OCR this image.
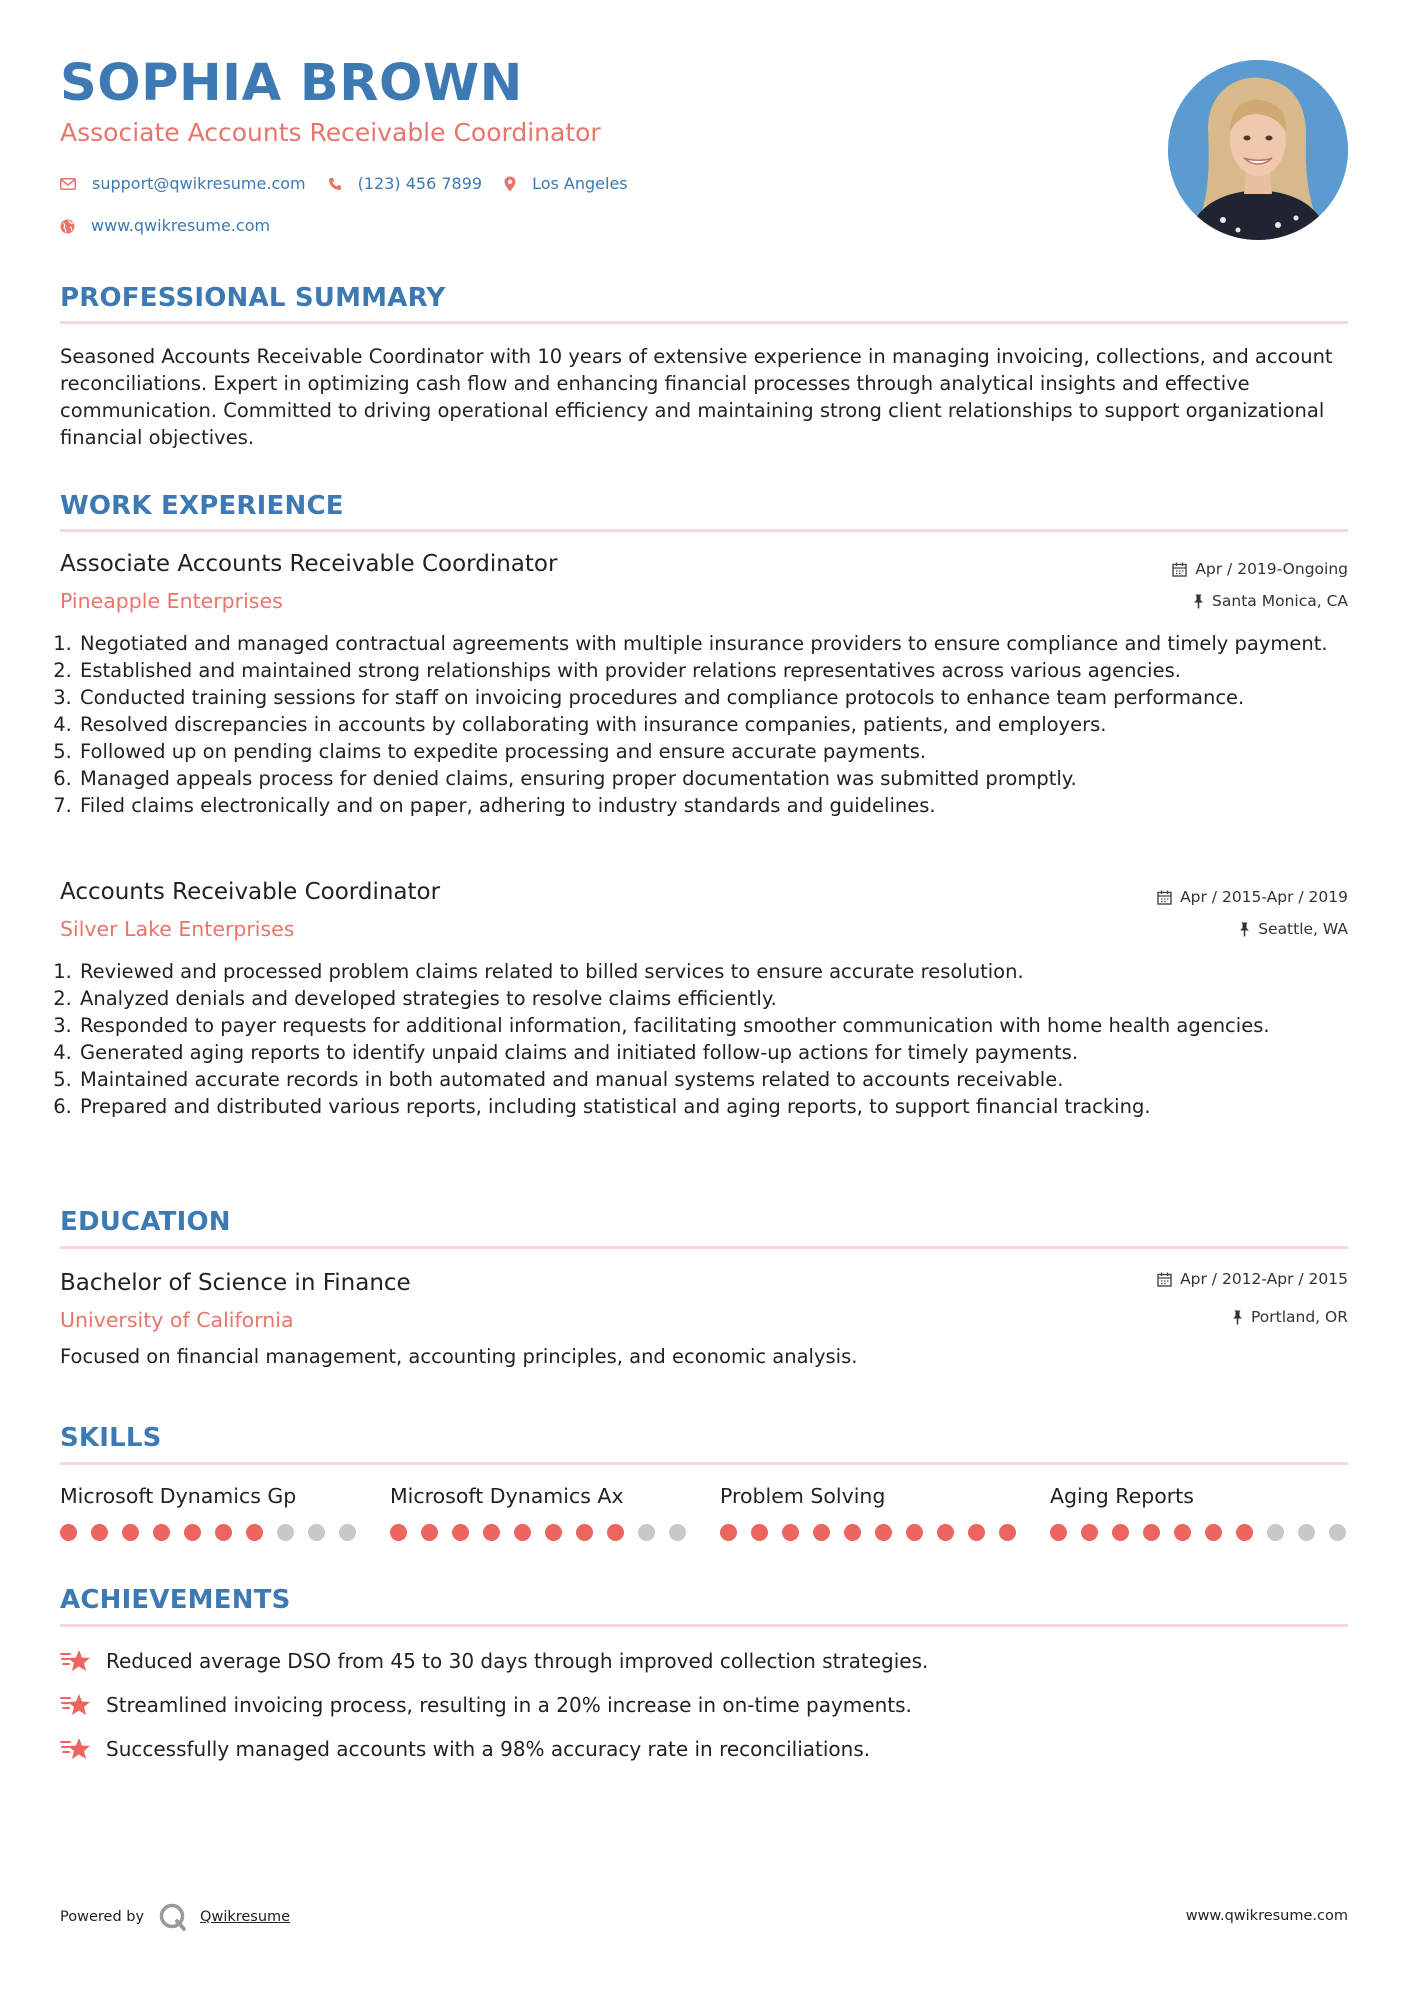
SOPHIA BROWN
Associate Accounts Receivable Coordinator
support@qwikresume.com	(123) 456 7899	Los Angeles
www.qwikresume.com
PROFESSIONAL SUMMARY

Seasoned Accounts Receivable Coordinator with 10 years of extensive experience in managing invoicing, collections, and account reconciliations. Expert in optimizing cash flow and enhancing financial processes through analytical insights and effective communication. Committed to driving operational efficiency and maintaining strong client relationships to support organizational financial objectives.

WORK EXPERIENCE
Associate Accounts Receivable Coordinator
Pineapple Enterprises
Apr / 2019-Ongoing
Santa Monica, CA
1. Negotiated and managed contractual agreements with multiple insurance providers to ensure compliance and timely payment.
2. Established and maintained strong relationships with provider relations representatives across various agencies.
3. Conducted training sessions for staff on invoicing procedures and compliance protocols to enhance team performance.
4. Resolved discrepancies in accounts by collaborating with insurance companies, patients, and employers.
5. Followed up on pending claims to expedite processing and ensure accurate payments.
6. Managed appeals process for denied claims, ensuring proper documentation was submitted promptly.
7. Filed claims electronically and on paper, adhering to industry standards and guidelines.
Accounts Receivable Coordinator
Silver Lake Enterprises
Apr / 2015-Apr / 2019
Seattle, WA
1. Reviewed and processed problem claims related to billed services to ensure accurate resolution.
2. Analyzed denials and developed strategies to resolve claims efficiently.
3. Responded to payer requests for additional information, facilitating smoother communication with home health agencies.
4. Generated aging reports to identify unpaid claims and initiated follow-up actions for timely payments.
5. Maintained accurate records in both automated and manual systems related to accounts receivable.
6. Prepared and distributed various reports, including statistical and aging reports, to support financial tracking.
EDUCATION
Bachelor of Science in Finance
University of California
Apr / 2012-Apr / 2015
Portland, OR

Focused on financial management, accounting principles, and economic analysis.

SKILLS
Microsoft Dynamics Gp	Microsoft Dynamics Ax	Problem Solving	Aging Reports
ACHIEVEMENTS
Reduced average DSO from 45 to 30 days through improved collection strategies.
Streamlined invoicing process, resulting in a 20% increase in on-time payments.
Successfully managed accounts with a 98% accuracy rate in reconciliations.
Powered by	Qwikresume	www.qwikresume.com
